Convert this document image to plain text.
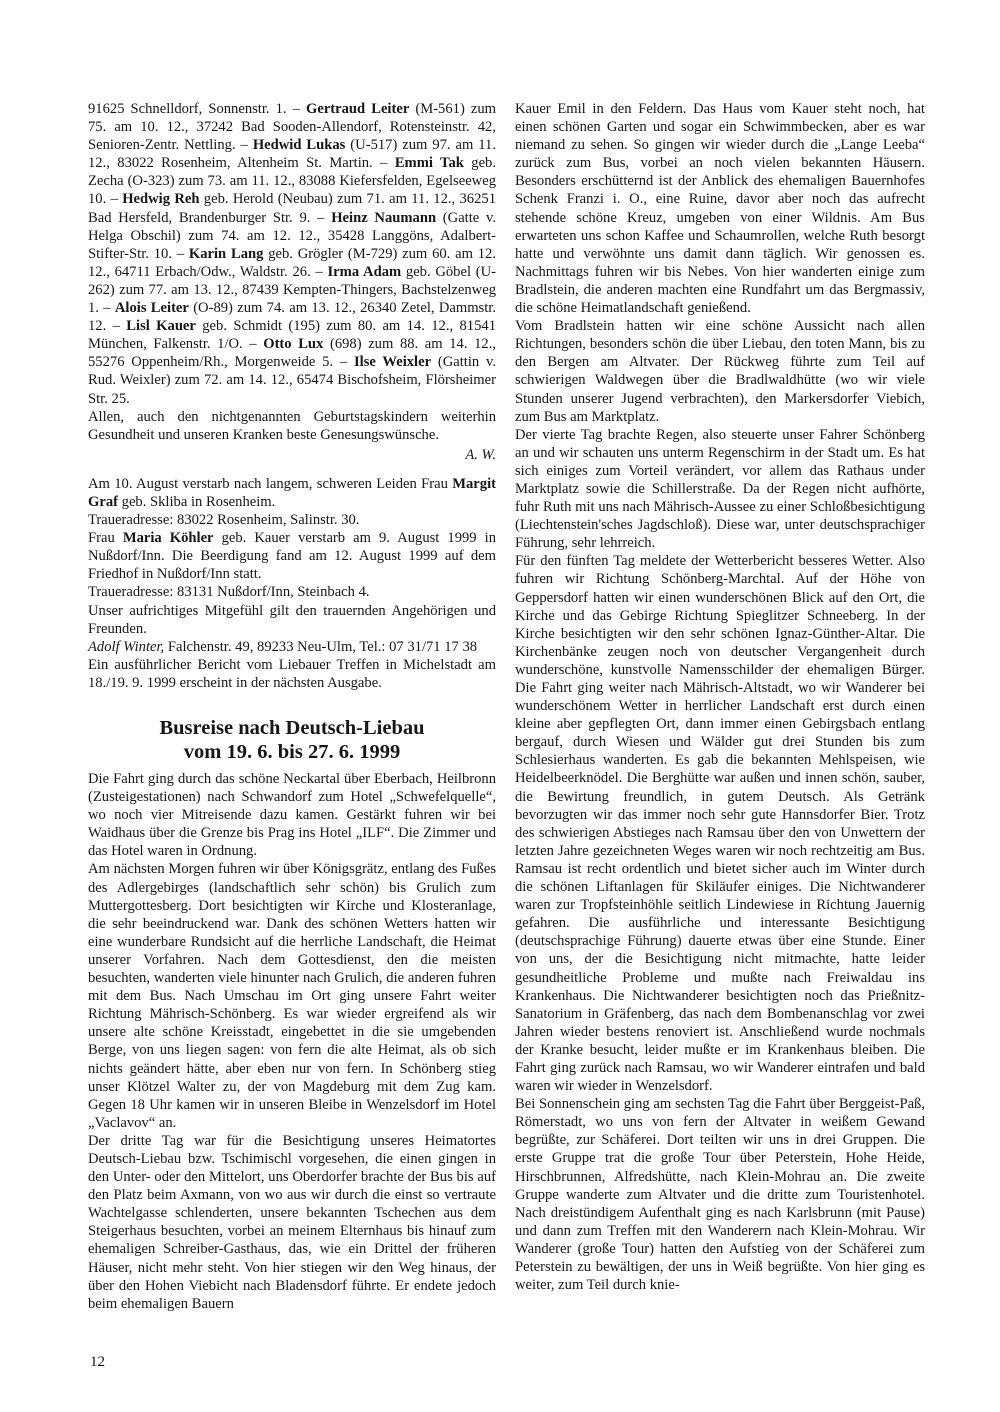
91625 Schnelldorf, Sonnenstr. 1. – Gertraud Leiter (M-561) zum 75. am 10. 12., 37242 Bad Sooden-Allendorf, Rotensteinstr. 42, Senioren-Zentr. Nettling. – Hedwid Lukas (U-517) zum 97. am 11. 12., 83022 Rosenheim, Altenheim St. Martin. – Emmi Tak geb. Zecha (O-323) zum 73. am 11. 12., 83088 Kiefersfelden, Egelseeweg 10. – Hedwig Reh geb. Herold (Neubau) zum 71. am 11. 12., 36251 Bad Hersfeld, Brandenburger Str. 9. – Heinz Naumann (Gatte v. Helga Obschil) zum 74. am 12. 12., 35428 Langgöns, Adalbert-Stifter-Str. 10. – Karin Lang geb. Grögler (M-729) zum 60. am 12. 12., 64711 Erbach/Odw., Waldstr. 26. – Irma Adam geb. Göbel (U-262) zum 77. am 13. 12., 87439 Kempten-Thingers, Bachstelzenweg 1. – Alois Leiter (O-89) zum 74. am 13. 12., 26340 Zetel, Dammstr. 12. – Lisl Kauer geb. Schmidt (195) zum 80. am 14. 12., 81541 München, Falkenstr. 1/O. – Otto Lux (698) zum 88. am 14. 12., 55276 Oppenheim/Rh., Morgenweide 5. – Ilse Weixler (Gattin v. Rud. Weixler) zum 72. am 14. 12., 65474 Bischofsheim, Flörsheimer Str. 25.

Allen, auch den nichtgenannten Geburtstagskindern weiterhin Gesundheit und unseren Kranken beste Genesungswünsche.

A. W.

Am 10. August verstarb nach langem, schweren Leiden Frau Margit Graf geb. Skliba in Rosenheim.

Traueradresse: 83022 Rosenheim, Salinstr. 30.

Frau Maria Köhler geb. Kauer verstarb am 9. August 1999 in Nußdorf/Inn. Die Beerdigung fand am 12. August 1999 auf dem Friedhof in Nußdorf/Inn statt.

Traueradresse: 83131 Nußdorf/Inn, Steinbach 4.

Unser aufrichtiges Mitgefühl gilt den trauernden Angehörigen und Freunden.

Adolf Winter, Falchenstr. 49, 89233 Neu-Ulm, Tel.: 07 31/71 17 38

Ein ausführlicher Bericht vom Liebauer Treffen in Michelstadt am 18./19. 9. 1999 erscheint in der nächsten Ausgabe.

Busreise nach Deutsch-Liebau
vom 19. 6. bis 27. 6. 1999

Die Fahrt ging durch das schöne Neckartal über Eberbach, Heilbronn (Zusteigestationen) nach Schwandorf zum Hotel „Schwefelquelle“, wo noch vier Mitreisende dazu kamen. Gestärkt fuhren wir bei Waidhaus über die Grenze bis Prag ins Hotel „ILF“. Die Zimmer und das Hotel waren in Ordnung.

Am nächsten Morgen fuhren wir über Königsgrätz, entlang des Fußes des Adlergebirges (landschaftlich sehr schön) bis Grulich zum Muttergottesberg. Dort besichtigten wir Kirche und Klosteranlage, die sehr beeindruckend war. Dank des schönen Wetters hatten wir eine wunderbare Rundsicht auf die herrliche Landschaft, die Heimat unserer Vorfahren. Nach dem Gottesdienst, den die meisten besuchten, wanderten viele hinunter nach Grulich, die anderen fuhren mit dem Bus. Nach Umschau im Ort ging unsere Fahrt weiter Richtung Mährisch-Schönberg. Es war wieder ergreifend als wir unsere alte schöne Kreisstadt, eingebettet in die sie umgebenden Berge, von uns liegen sagen: von fern die alte Heimat, als ob sich nichts geändert hätte, aber eben nur von fern. In Schönberg stieg unser Klötzel Walter zu, der von Magdeburg mit dem Zug kam. Gegen 18 Uhr kamen wir in unseren Bleibe in Wenzelsdorf im Hotel „Vaclavov“ an.

Der dritte Tag war für die Besichtigung unseres Heimatortes Deutsch-Liebau bzw. Tschimischl vorgesehen, die einen gingen in den Unter- oder den Mittelort, uns Oberdorfer brachte der Bus bis auf den Platz beim Axmann, von wo aus wir durch die einst so vertraute Wachtelgasse schlenderten, unsere bekannten Tschechen aus dem Steigerhaus besuchten, vorbei an meinem Elternhaus bis hinauf zum ehemaligen Schreiber-Gasthaus, das, wie ein Drittel der früheren Häuser, nicht mehr steht. Von hier stiegen wir den Weg hinaus, der über den Hohen Viebicht nach Bladensdorf führte. Er endete jedoch beim ehemaligen Bauern

Kauer Emil in den Feldern. Das Haus vom Kauer steht noch, hat einen schönen Garten und sogar ein Schwimmbecken, aber es war niemand zu sehen. So gingen wir wieder durch die „Lange Leeba“ zurück zum Bus, vorbei an noch vielen bekannten Häusern. Besonders erschütternd ist der Anblick des ehemaligen Bauernhofes Schenk Franzi i. O., eine Ruine, davor aber noch das aufrecht stehende schöne Kreuz, umgeben von einer Wildnis. Am Bus erwarteten uns schon Kaffee und Schaumrollen, welche Ruth besorgt hatte und verwöhnte uns damit dann täglich. Wir genossen es. Nachmittags fuhren wir bis Nebes. Von hier wanderten einige zum Bradlstein, die anderen machten eine Rundfahrt um das Bergmassiv, die schöne Heimatlandschaft genießend.

Vom Bradlstein hatten wir eine schöne Aussicht nach allen Richtungen, besonders schön die über Liebau, den toten Mann, bis zu den Bergen am Altvater. Der Rückweg führte zum Teil auf schwierigen Waldwegen über die Bradlwaldhütte (wo wir viele Stunden unserer Jugend verbrachten), den Markersdorfer Viebich, zum Bus am Marktplatz.

Der vierte Tag brachte Regen, also steuerte unser Fahrer Schönberg an und wir schauten uns unterm Regenschirm in der Stadt um. Es hat sich einiges zum Vorteil verändert, vor allem das Rathaus under Marktplatz sowie die Schillerstraße. Da der Regen nicht aufhörte, fuhr Ruth mit uns nach Mährisch-Aussee zu einer Schloßbesichtigung (Liechtenstein'sches Jagdschloß). Diese war, unter deutschsprachiger Führung, sehr lehrreich.

Für den fünften Tag meldete der Wetterbericht besseres Wetter. Also fuhren wir Richtung Schönberg-Marchtal. Auf der Höhe von Geppersdorf hatten wir einen wunderschönen Blick auf den Ort, die Kirche und das Gebirge Richtung Spieglitzer Schneeberg. In der Kirche besichtigten wir den sehr schönen Ignaz-Günther-Altar. Die Kirchenbänke zeugen noch von deutscher Vergangenheit durch wunderschöne, kunstvolle Namensschilder der ehemaligen Bürger. Die Fahrt ging weiter nach Mährisch-Altstadt, wo wir Wanderer bei wunderschönem Wetter in herrlicher Landschaft erst durch einen kleine aber gepflegten Ort, dann immer einen Gebirgsbach entlang bergauf, durch Wiesen und Wälder gut drei Stunden bis zum Schlesierhaus wanderten. Es gab die bekannten Mehlspeisen, wie Heidelbeerknödel. Die Berghütte war außen und innen schön, sauber, die Bewirtung freundlich, in gutem Deutsch. Als Getränk bevorzugten wir das immer noch sehr gute Hannsdorfer Bier. Trotz des schwierigen Abstieges nach Ramsau über den von Unwettern der letzten Jahre gezeichneten Weges waren wir noch rechtzeitig am Bus. Ramsau ist recht ordentlich und bietet sicher auch im Winter durch die schönen Liftanlagen für Skiläufer einiges. Die Nichtwanderer waren zur Tropfsteinhöhle seitlich Lindewiese in Richtung Jauernig gefahren. Die ausführliche und interessante Besichtigung (deutschsprachige Führung) dauerte etwas über eine Stunde. Einer von uns, der die Besichtigung nicht mitmachte, hatte leider gesundheitliche Probleme und mußte nach Freiwaldau ins Krankenhaus. Die Nichtwanderer besichtigten noch das Prießnitz-Sanatorium in Gräfenberg, das nach dem Bombenanschlag vor zwei Jahren wieder bestens renoviert ist. Anschließend wurde nochmals der Kranke besucht, leider mußte er im Krankenhaus bleiben. Die Fahrt ging zurück nach Ramsau, wo wir Wanderer eintrafen und bald waren wir wieder in Wenzelsdorf.

Bei Sonnenschein ging am sechsten Tag die Fahrt über Berggeist-Paß, Römerstadt, wo uns von fern der Altvater in weißem Gewand begrüßte, zur Schäferei. Dort teilten wir uns in drei Gruppen. Die erste Gruppe trat die große Tour über Peterstein, Hohe Heide, Hirschbrunnen, Alfredshütte, nach Klein-Mohrau an. Die zweite Gruppe wanderte zum Altvater und die dritte zum Touristenhotel. Nach dreistündigem Aufenthalt ging es nach Karlsbrunn (mit Pause) und dann zum Treffen mit den Wanderern nach Klein-Mohrau. Wir Wanderer (große Tour) hatten den Aufstieg von der Schäferei zum Peterstein zu bewältigen, der uns in Weiß begrüßte. Von hier ging es weiter, zum Teil durch knie-

12
